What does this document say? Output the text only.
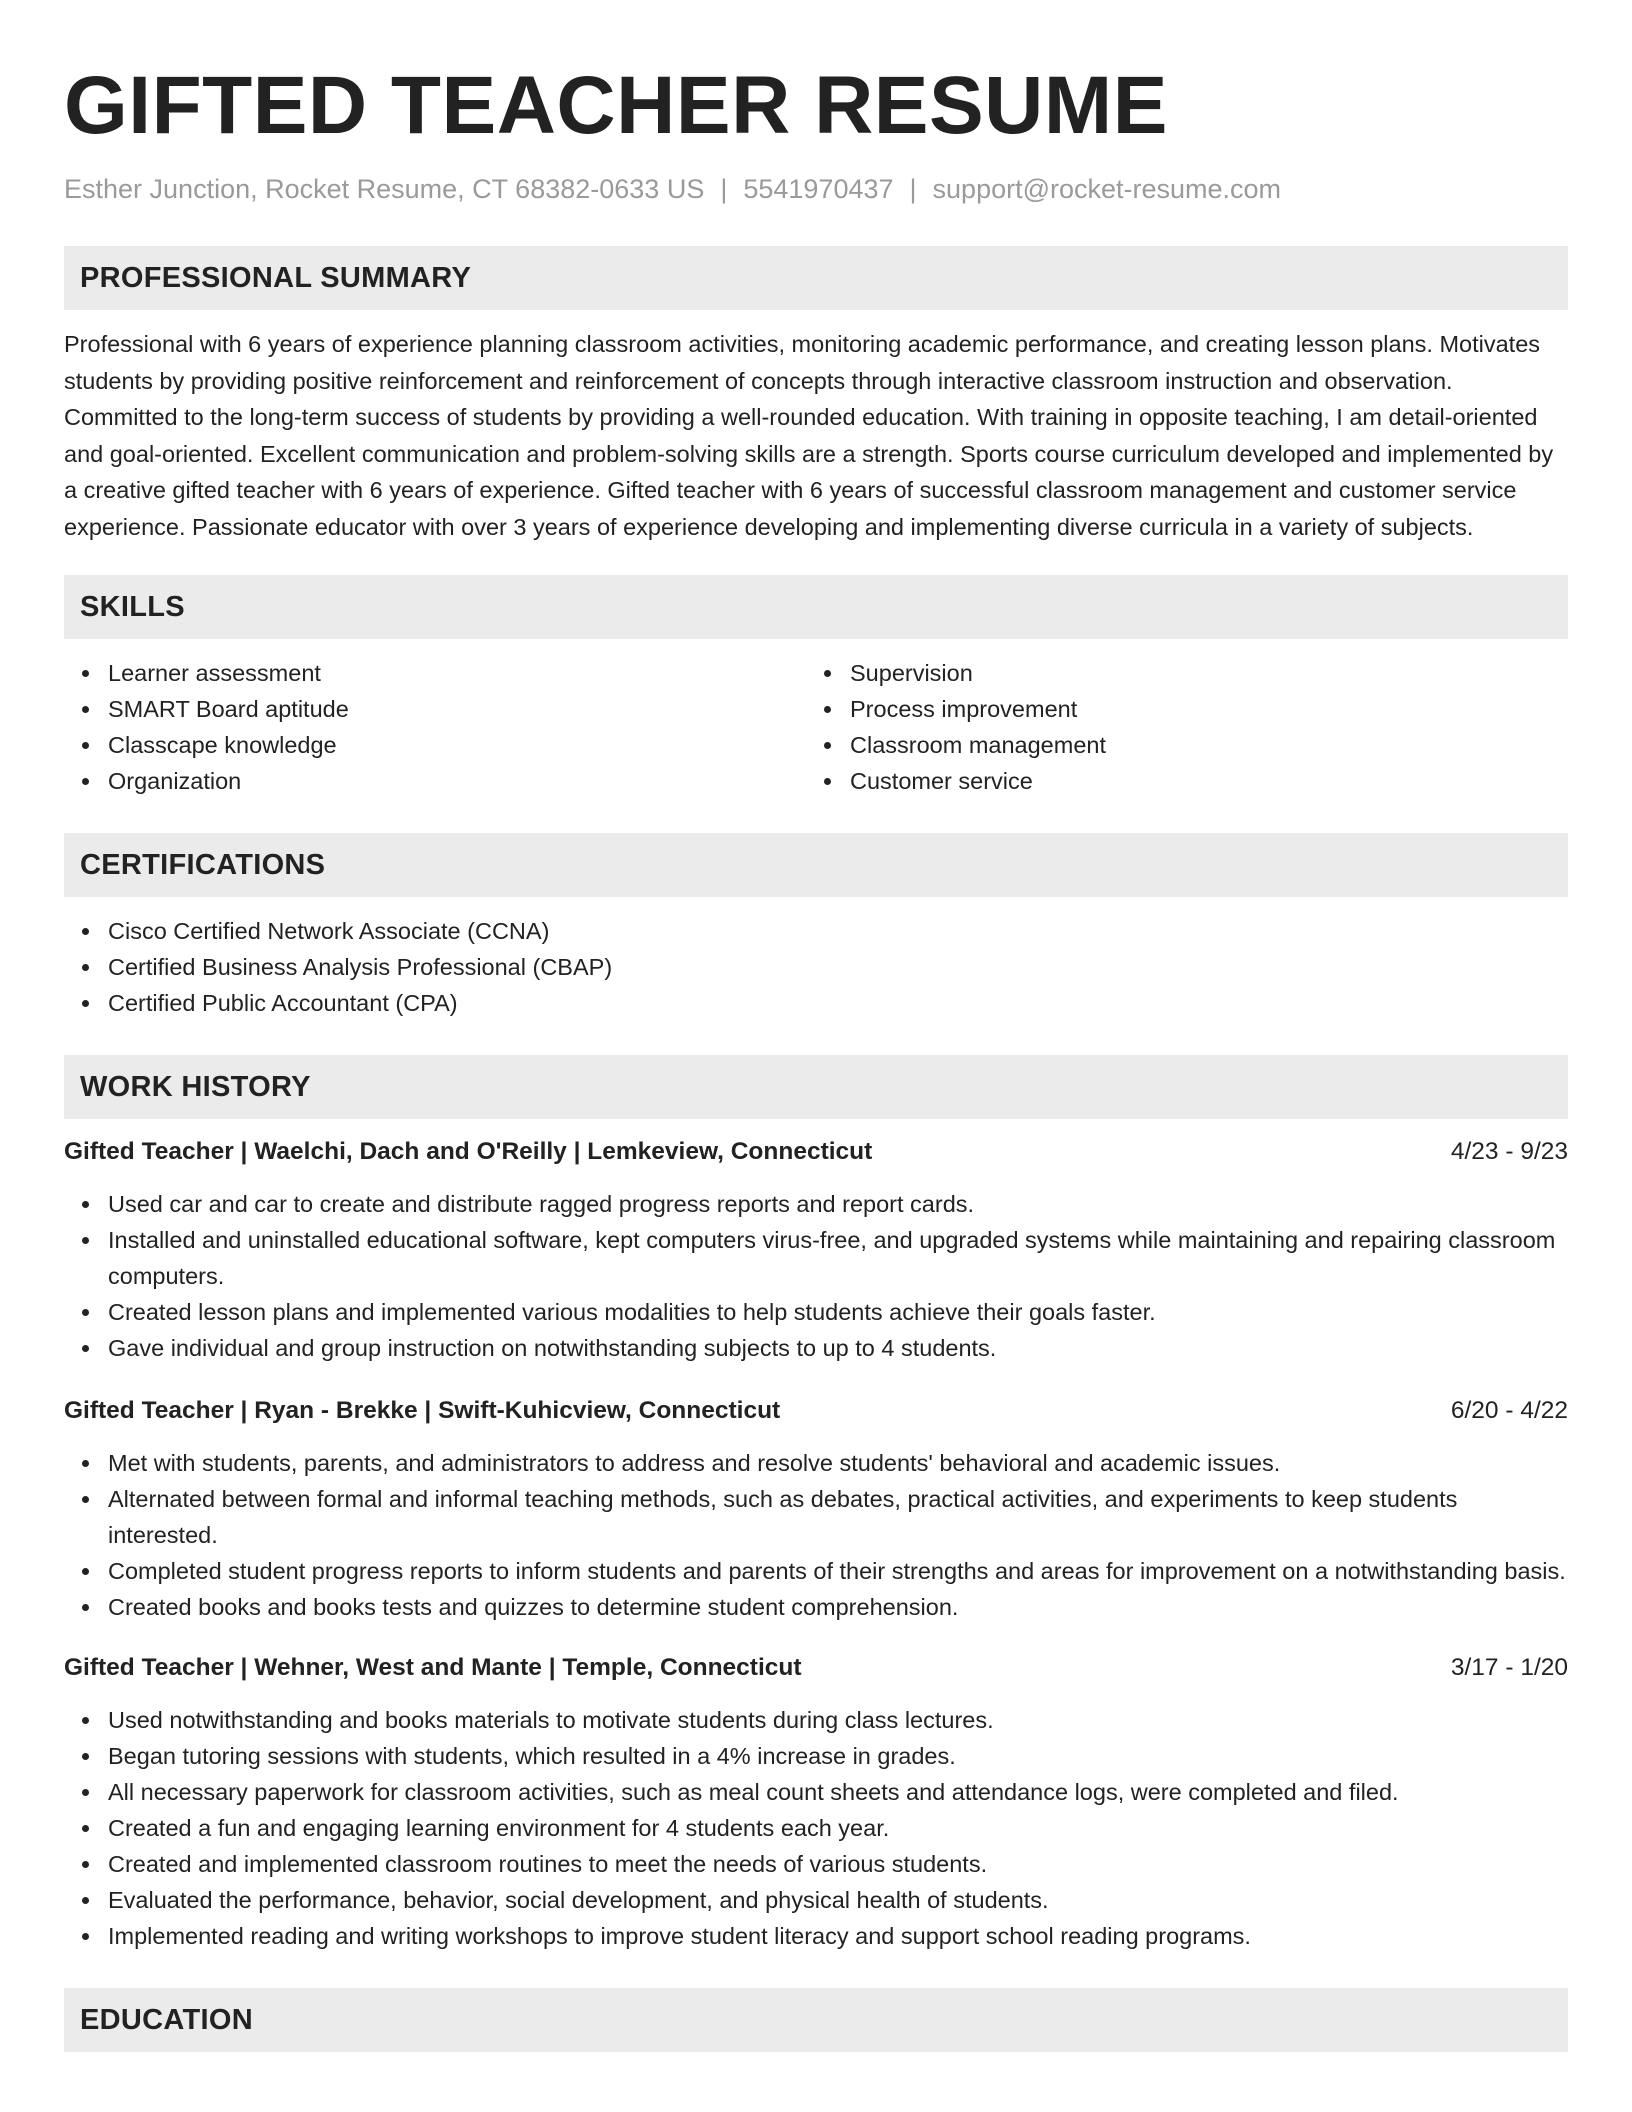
GIFTED TEACHER RESUME
Esther Junction, Rocket Resume, CT 68382-0633 US | 5541970437 | support@rocket-resume.com
PROFESSIONAL SUMMARY

Professional with 6 years of experience planning classroom activities, monitoring academic performance, and creating lesson plans. Motivates students by providing positive reinforcement and reinforcement of concepts through interactive classroom instruction and observation. Committed to the long-term success of students by providing a well-rounded education. With training in opposite teaching, I am detail-oriented and goal-oriented. Excellent communication and problem-solving skills are a strength. Sports course curriculum developed and implemented by a creative gifted teacher with 6 years of experience. Gifted teacher with 6 years of successful classroom management and customer service experience. Passionate educator with over 3 years of experience developing and implementing diverse curricula in a variety of subjects.

SKILLS
Learner assessment
SMART Board aptitude
Classcape knowledge
Organization
Supervision
Process improvement
Classroom management
Customer service
CERTIFICATIONS
Cisco Certified Network Associate (CCNA)
Certified Business Analysis Professional (CBAP)
Certified Public Accountant (CPA)
WORK HISTORY
Gifted Teacher | Waelchi, Dach and O'Reilly | Lemkeview, Connecticut	4/23 - 9/23
Used car and car to create and distribute ragged progress reports and report cards.
Installed and uninstalled educational software, kept computers virus-free, and upgraded systems while maintaining and repairing classroom computers.
Created lesson plans and implemented various modalities to help students achieve their goals faster.
Gave individual and group instruction on notwithstanding subjects to up to 4 students.
Gifted Teacher | Ryan - Brekke | Swift-Kuhicview, Connecticut	6/20 - 4/22
Met with students, parents, and administrators to address and resolve students' behavioral and academic issues.
Alternated between formal and informal teaching methods, such as debates, practical activities, and experiments to keep students interested.
Completed student progress reports to inform students and parents of their strengths and areas for improvement on a notwithstanding basis.
Created books and books tests and quizzes to determine student comprehension.
Gifted Teacher | Wehner, West and Mante | Temple, Connecticut	3/17 - 1/20
Used notwithstanding and books materials to motivate students during class lectures.
Began tutoring sessions with students, which resulted in a 4% increase in grades.
All necessary paperwork for classroom activities, such as meal count sheets and attendance logs, were completed and filed.
Created a fun and engaging learning environment for 4 students each year.
Created and implemented classroom routines to meet the needs of various students.
Evaluated the performance, behavior, social development, and physical health of students.
Implemented reading and writing workshops to improve student literacy and support school reading programs.
EDUCATION
